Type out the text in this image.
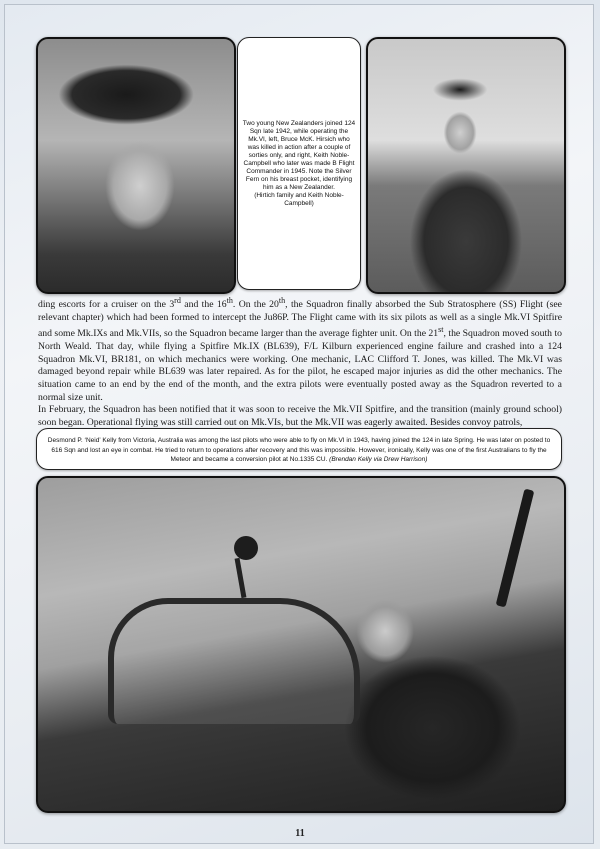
Two young New Zealanders joined 124 Sqn late 1942, while operating the Mk.VI, left, Bruce McK. Hirsich who was killed in action after a couple of sorties only, and right, Keith Noble-Campbell who later was made B Flight Commander in 1945. Note the Silver Fern on his breast pocket, identifying him as a New Zealander.
(Hirtich family and Keith Noble-Campbell)

ding escorts for a cruiser on the 3rd and the 16th. On the 20th, the Squadron finally absorbed the Sub Stratosphere (SS) Flight (see relevant chapter) which had been formed to intercept the Ju86P. The Flight came with its six pilots as well as a single Mk.VI Spitfire and some Mk.IXs and Mk.VIIs, so the Squadron became larger than the average fighter unit. On the 21st, the Squadron moved south to North Weald. That day, while flying a Spitfire Mk.IX (BL639), F/L Kilburn experienced engine failure and crashed into a 124 Squadron Mk.VI, BR181, on which mechanics were working. One mechanic, LAC Clifford T. Jones, was killed. The Mk.VI was damaged beyond repair while BL639 was later repaired. As for the pilot, he escaped major injuries as did the other mechanics. The situation came to an end by the end of the month, and the extra pilots were eventually posted away as the Squadron reverted to a normal size unit.

In February, the Squadron has been notified that it was soon to receive the Mk.VII Spitfire, and the transition (mainly ground school) soon began. Operational flying was still carried out on Mk.VIs, but the Mk.VII was eagerly awaited. Besides convoy patrols,

Desmond P. ‘Neid’ Kelly from Victoria, Australia was among the last pilots who were able to fly on Mk.VI in 1943, having joined the 124 in late Spring. He was later on posted to 616 Sqn and lost an eye in combat. He tried to return to operations after recovery and this was impossible. However, ironically, Kelly was one of the first Australians to fly the Meteor and became a conversion pilot at No.1335 CU. (Brendan Kelly via Drew Harrison)
11
